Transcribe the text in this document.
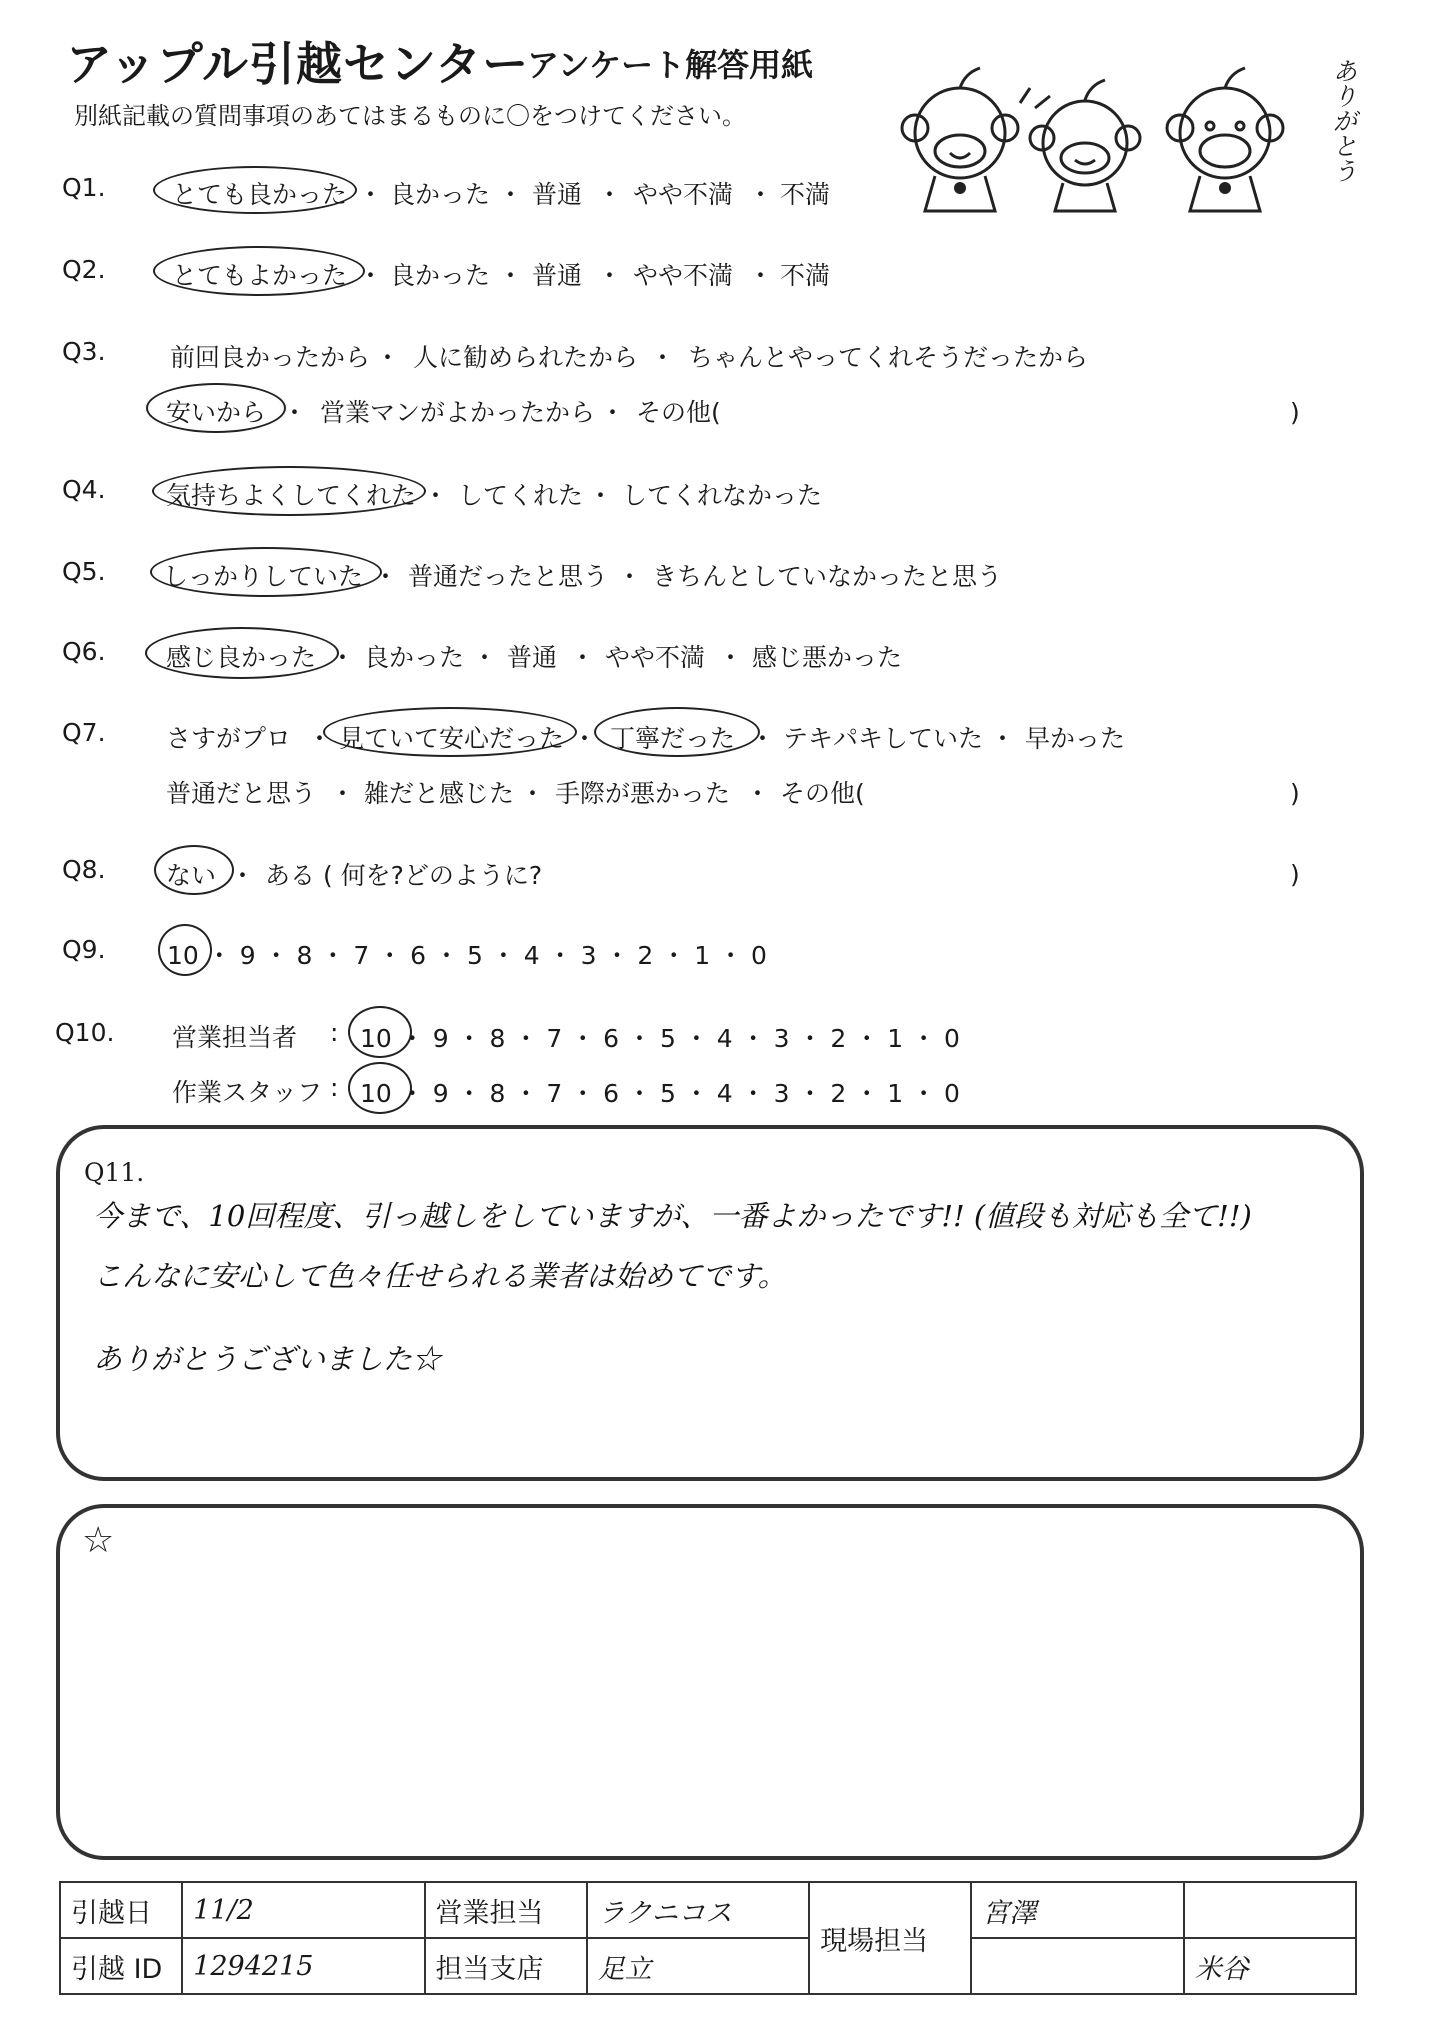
アップル引越センター
アンケート解答用紙
別紙記載の質問事項のあてはまるものに〇をつけてください。	ありがとう
Q1.	とても良かった ・ 良かった ・ 普通 ・ やや不満 ・ 不満
Q2.	とてもよかった ・ 良かった ・ 普通 ・ やや不満 ・ 不満
Q3.	前回良かったから ・ 人に勧められたから ・ ちゃんとやってくれそうだったから
安いから ・ 営業マンがよかったから ・ その他(	)
Q4. 気持ちよくしてくれた ・ してくれた ・ してくれなかった
Q5. しっかりしていた ・ 普通だったと思う ・ きちんとしていなかったと思う
Q6. 感じ良かった ・ 良かった ・ 普通 ・ やや不満 ・ 感じ悪かった
Q7. さすがプロ ・ 見ていて安心だった ・ 丁寧だった ・ テキパキしていた ・ 早かった
普通だと思う ・ 雑だと感じた ・ 手際が悪かった ・ その他(	)
Q8. ない ・ ある ( 何を?どのように?	)
Q9. 10 ・ 9 ・ 8 ・ 7 ・ 6 ・ 5 ・ 4 ・ 3 ・ 2 ・ 1 ・ 0
Q10. 営業担当者 : 10 ・ 9 ・ 8 ・ 7 ・ 6 ・ 5 ・ 4 ・ 3 ・ 2 ・ 1 ・ 0
作業スタッフ : 10 ・ 9 ・ 8 ・ 7 ・ 6 ・ 5 ・ 4 ・ 3 ・ 2 ・ 1 ・ 0
Q11.
今まで、10回程度、引っ越しをしていますが、一番よかったです!! (値段も対応も全て!!)
こんなに安心して色々任せられる業者は始めてです。
ありがとうございました☆
☆
引越日	11/2	営業担当	ラクニコス	現場担当	宮澤	
引越 ID	1294215	担当支店	足立			米谷
